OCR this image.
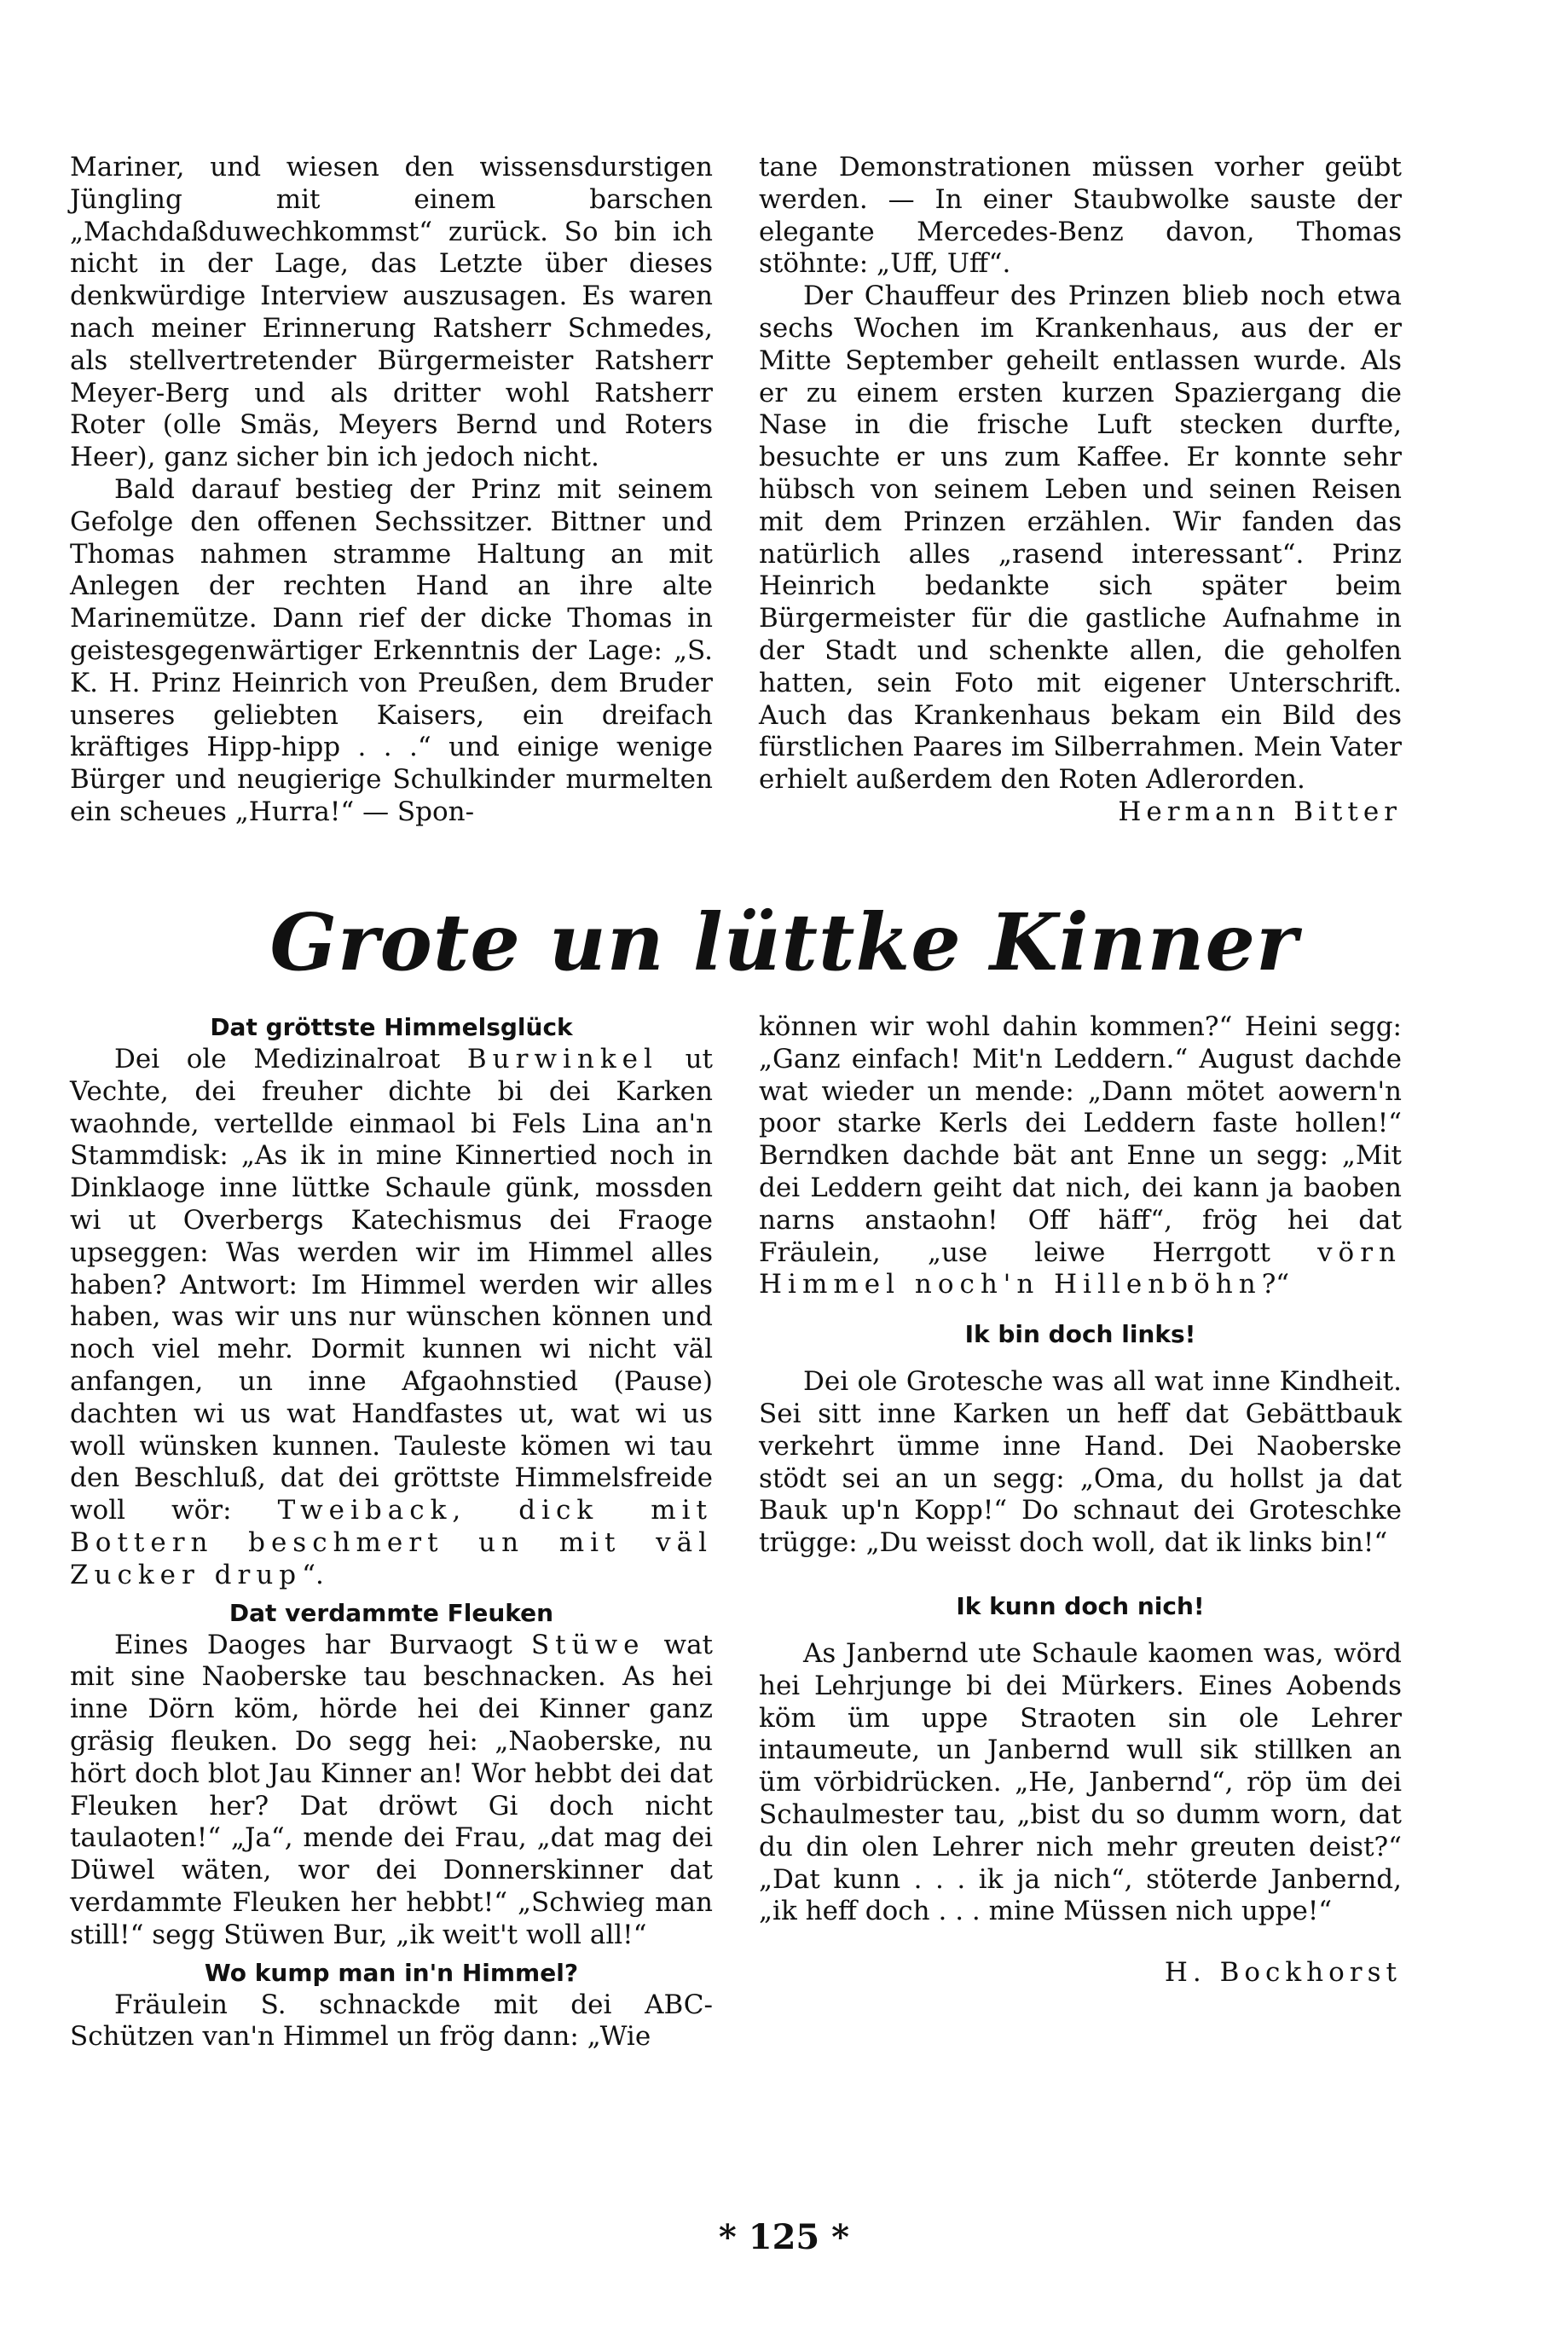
Mariner, und wiesen den wissensdurstigen Jüngling mit einem barschen „Machdaßduwechkommst“ zurück. So bin ich nicht in der Lage, das Letzte über dieses denkwürdige Interview auszusagen. Es waren nach meiner Erinnerung Ratsherr Schmedes, als stellvertretender Bürgermeister Ratsherr Meyer-Berg und als dritter wohl Ratsherr Roter (olle Smäs, Meyers Bernd und Roters Heer), ganz sicher bin ich jedoch nicht.

Bald darauf bestieg der Prinz mit seinem Gefolge den offenen Sechssitzer. Bittner und Thomas nahmen stramme Haltung an mit Anlegen der rechten Hand an ihre alte Marinemütze. Dann rief der dicke Thomas in geistesgegenwärtiger Erkenntnis der Lage: „S. K. H. Prinz Heinrich von Preußen, dem Bruder unseres geliebten Kaisers, ein dreifach kräftiges Hipp-hipp . . .“ und einige wenige Bürger und neugierige Schulkinder murmelten ein scheues „Hurra!“ — Spon-

tane Demonstrationen müssen vorher geübt werden. — In einer Staubwolke sauste der elegante Mercedes-Benz davon, Thomas stöhnte: „Uff, Uff“.

Der Chauffeur des Prinzen blieb noch etwa sechs Wochen im Krankenhaus, aus der er Mitte September geheilt entlassen wurde. Als er zu einem ersten kurzen Spaziergang die Nase in die frische Luft stecken durfte, besuchte er uns zum Kaffee. Er konnte sehr hübsch von seinem Leben und seinen Reisen mit dem Prinzen erzählen. Wir fanden das natürlich alles „rasend interessant“. Prinz Heinrich bedankte sich später beim Bürgermeister für die gastliche Aufnahme in der Stadt und schenkte allen, die geholfen hatten, sein Foto mit eigener Unterschrift. Auch das Krankenhaus bekam ein Bild des fürstlichen Paares im Silberrahmen. Mein Vater erhielt außerdem den Roten Adlerorden.

Hermann Bitter

Grote un lüttke Kinner

Dat gröttste Himmelsglück

Dei ole Medizinalroat Burwinkel ut Vechte, dei freuher dichte bi dei Karken waohnde, vertellde einmaol bi Fels Lina an'n Stammdisk: „As ik in mine Kinnertied noch in Dinklaoge inne lüttke Schaule günk, mossden wi ut Overbergs Katechismus dei Fraoge upseggen: Was werden wir im Himmel alles haben? Antwort: Im Himmel werden wir alles haben, was wir uns nur wünschen können und noch viel mehr. Dormit kunnen wi nicht väl anfangen, un inne Afgaohnstied (Pause) dachten wi us wat Handfastes ut, wat wi us woll wünsken kunnen. Tauleste kömen wi tau den Beschluß, dat dei gröttste Himmelsfreide woll wör: Tweiback, dick mit Bottern beschmert un mit väl Zucker drup“.

Dat verdammte Fleuken

Eines Daoges har Burvaogt Stüwe wat mit sine Naoberske tau beschnacken. As hei inne Dörn köm, hörde hei dei Kinner ganz gräsig fleuken. Do segg hei: „Naoberske, nu hört doch blot Jau Kinner an! Wor hebbt dei dat Fleuken her? Dat dröwt Gi doch nicht taulaoten!“ „Ja“, mende dei Frau, „dat mag dei Düwel wäten, wor dei Donnerskinner dat verdammte Fleuken her hebbt!“ „Schwieg man still!“ segg Stüwen Bur, „ik weit't woll all!“

Wo kump man in'n Himmel?

Fräulein S. schnackde mit dei ABC-Schützen van'n Himmel un frög dann: „Wie

können wir wohl dahin kommen?“ Heini segg: „Ganz einfach! Mit'n Leddern.“ August dachde wat wieder un mende: „Dann mötet aowern'n poor starke Kerls dei Leddern faste hollen!“ Berndken dachde bät ant Enne un segg: „Mit dei Leddern geiht dat nich, dei kann ja baoben narns anstaohn! Off häff“, frög hei dat Fräulein, „use leiwe Herrgott vörn Himmel noch'n Hillenböhn?“

Ik bin doch links!

Dei ole Grotesche was all wat inne Kindheit. Sei sitt inne Karken un heff dat Gebättbauk verkehrt ümme inne Hand. Dei Naoberske stödt sei an un segg: „Oma, du hollst ja dat Bauk up'n Kopp!“ Do schnaut dei Groteschke trügge: „Du weisst doch woll, dat ik links bin!“

Ik kunn doch nich!

As Janbernd ute Schaule kaomen was, wörd hei Lehrjunge bi dei Mürkers. Eines Aobends köm üm uppe Straoten sin ole Lehrer intaumeute, un Janbernd wull sik stillken an üm vörbidrücken. „He, Janbernd“, röp üm dei Schaulmester tau, „bist du so dumm worn, dat du din olen Lehrer nich mehr greuten deist?“ „Dat kunn . . . ik ja nich“, stöterde Janbernd, „ik heff doch . . . mine Müssen nich uppe!“

H. Bockhorst

* 125 *
